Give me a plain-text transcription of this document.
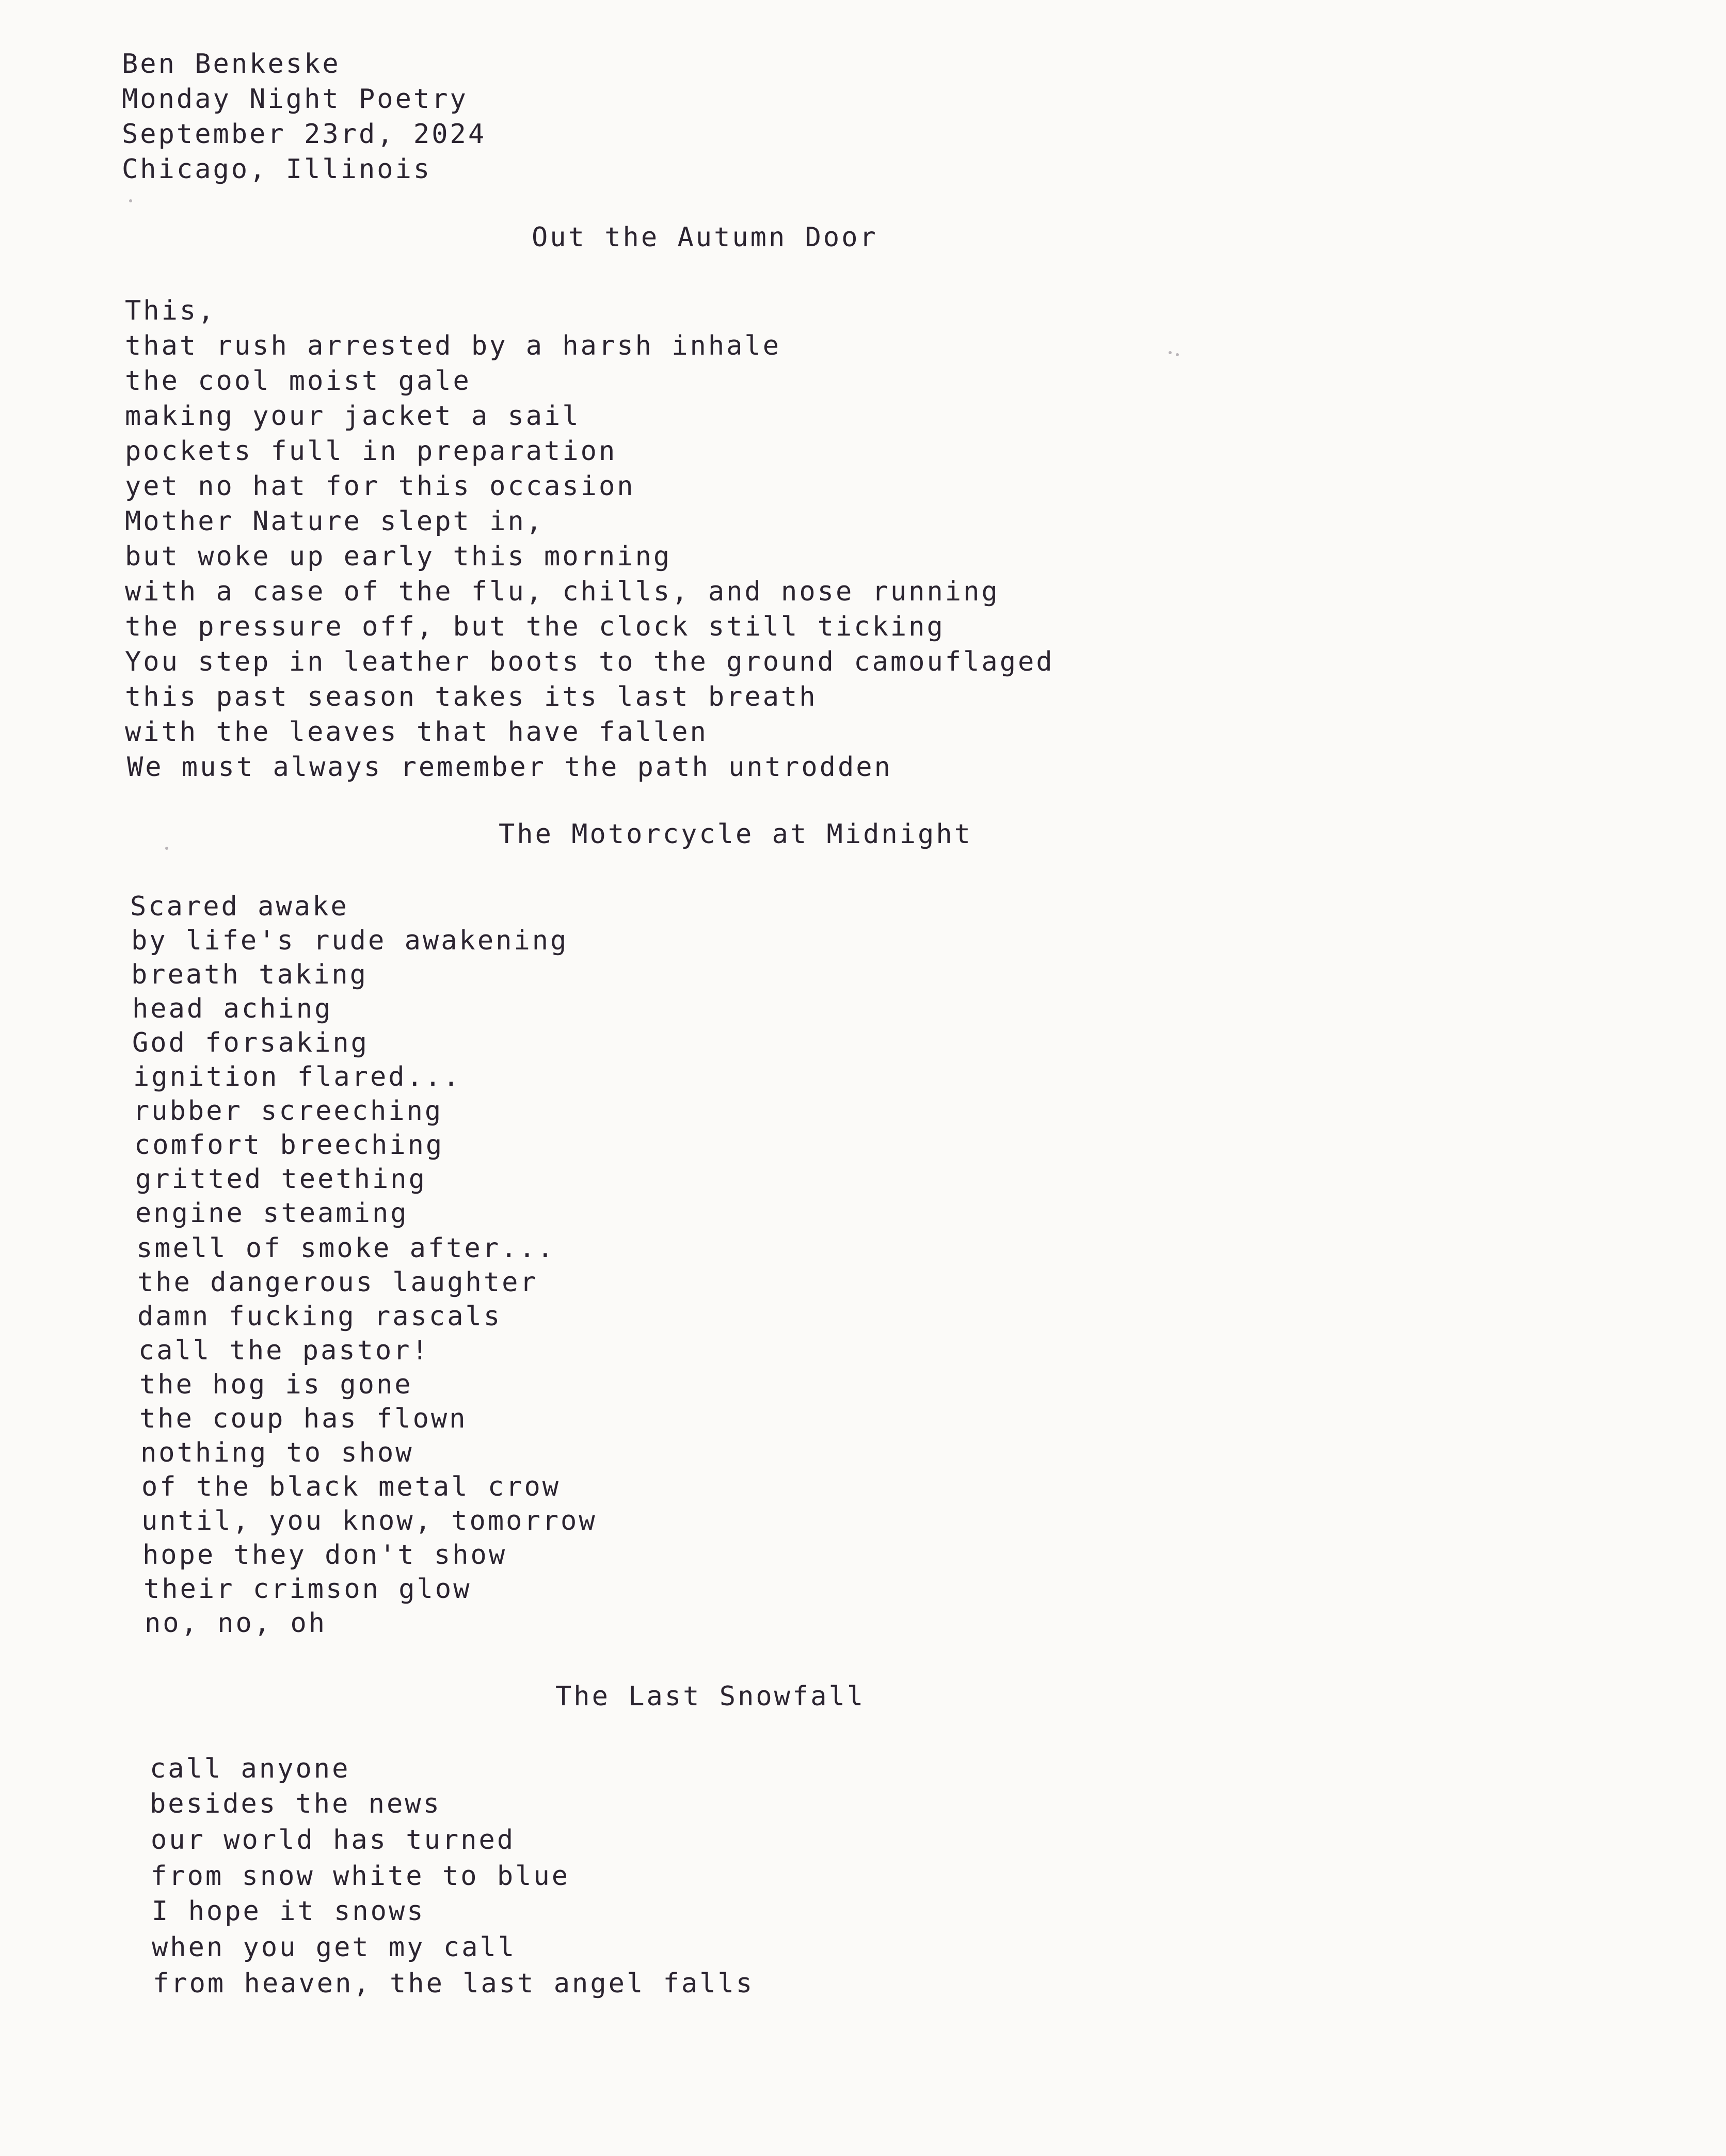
Ben Benkeske
Monday Night Poetry
September 23rd, 2024
Chicago, Illinois
Out the Autumn Door
This,
that rush arrested by a harsh inhale
the cool moist gale
making your jacket a sail
pockets full in preparation
yet no hat for this occasion
Mother Nature slept in,
but woke up early this morning
with a case of the flu, chills, and nose running
the pressure off, but the clock still ticking
You step in leather boots to the ground camouflaged
this past season takes its last breath
with the leaves that have fallen
We must always remember the path untrodden
The Motorcycle at Midnight
Scared awake
by life's rude awakening
breath taking
head aching
God forsaking
ignition flared...
rubber screeching
comfort breeching
gritted teething
engine steaming
smell of smoke after...
the dangerous laughter
damn fucking rascals
call the pastor!
the hog is gone
the coup has flown
nothing to show
of the black metal crow
until, you know, tomorrow
hope they don't show
their crimson glow
no, no, oh
The Last Snowfall
call anyone
besides the news
our world has turned
from snow white to blue
I hope it snows
when you get my call
from heaven, the last angel falls
